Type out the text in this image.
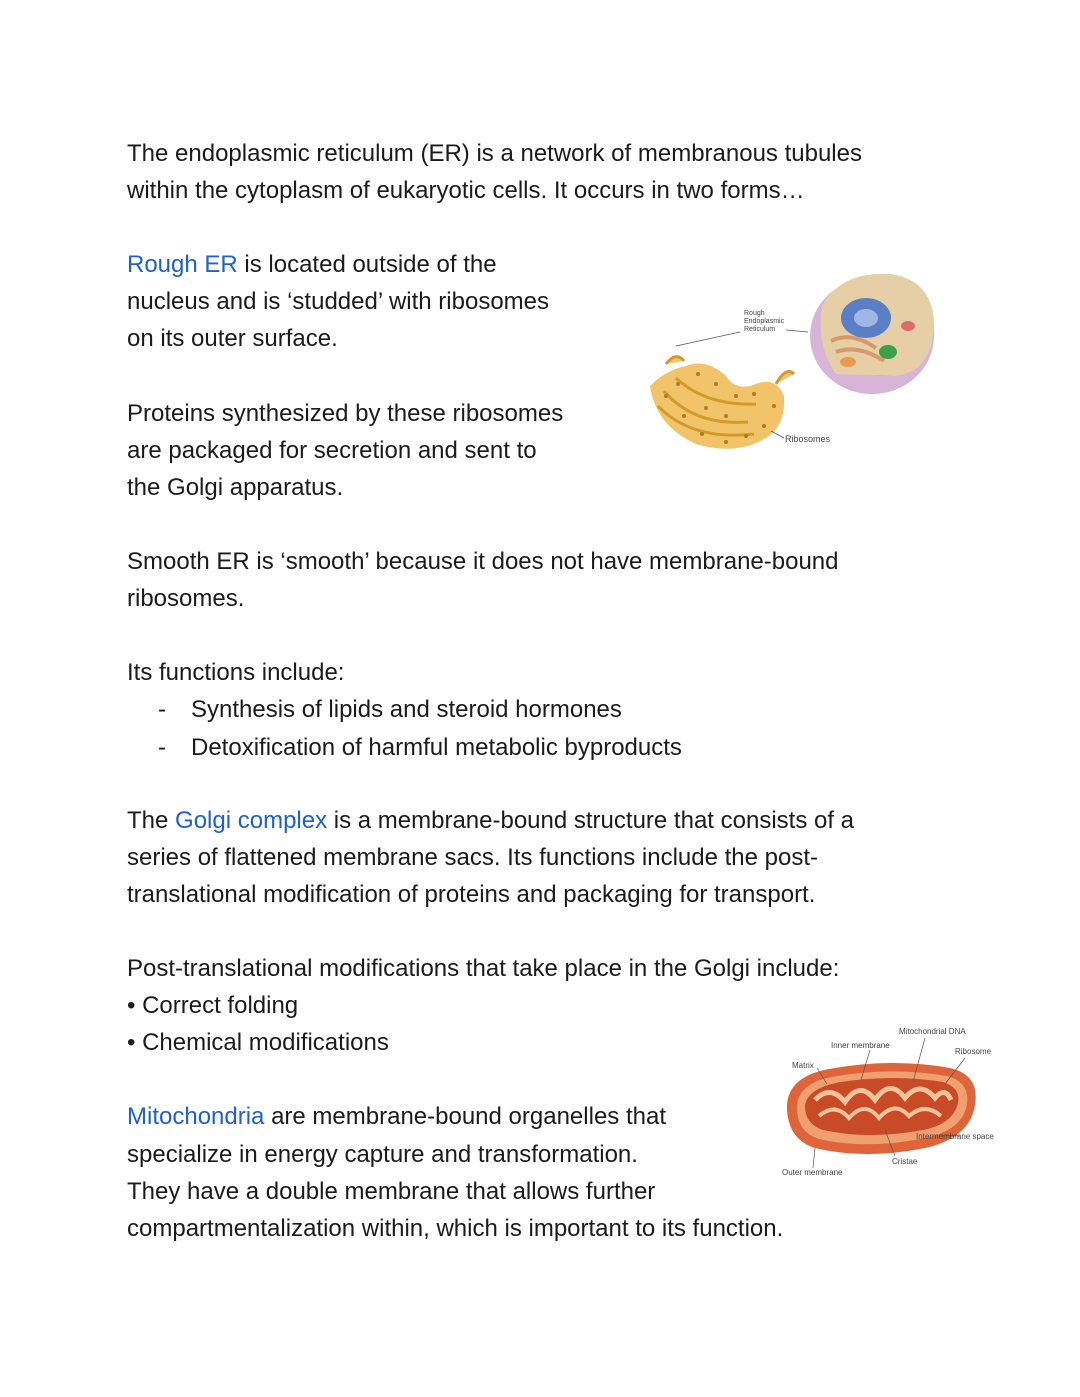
The endoplasmic reticulum (ER) is a network of membranous tubules

within the cytoplasm of eukaryotic cells. It occurs in two forms…

Rough ER is located outside of the

nucleus and is ‘studded’ with ribosomes

on its outer surface.

Proteins synthesized by these ribosomes

are packaged for secretion and sent to

the Golgi apparatus.

Rough
Endoplasmic
Reticulum
Ribosomes

Smooth ER is ‘smooth’ because it does not have membrane-bound

ribosomes.

Its functions include:

- Synthesis of lipids and steroid hormones
- Detoxification of harmful metabolic byproducts

The Golgi complex is a membrane-bound structure that consists of a

series of flattened membrane sacs. Its functions include the post-

translational modification of proteins and packaging for transport.

Post-translational modifications that take place in the Golgi include:

• Correct folding
• Chemical modifications

Mitochondria are membrane-bound organelles that

specialize in energy capture and transformation.

They have a double membrane that allows further

compartmentalization within, which is important to its function.

Mitochondrial DNA
Inner membrane
Ribosome
Matrix
Intermembrane space
Cristae
Outer membrane
